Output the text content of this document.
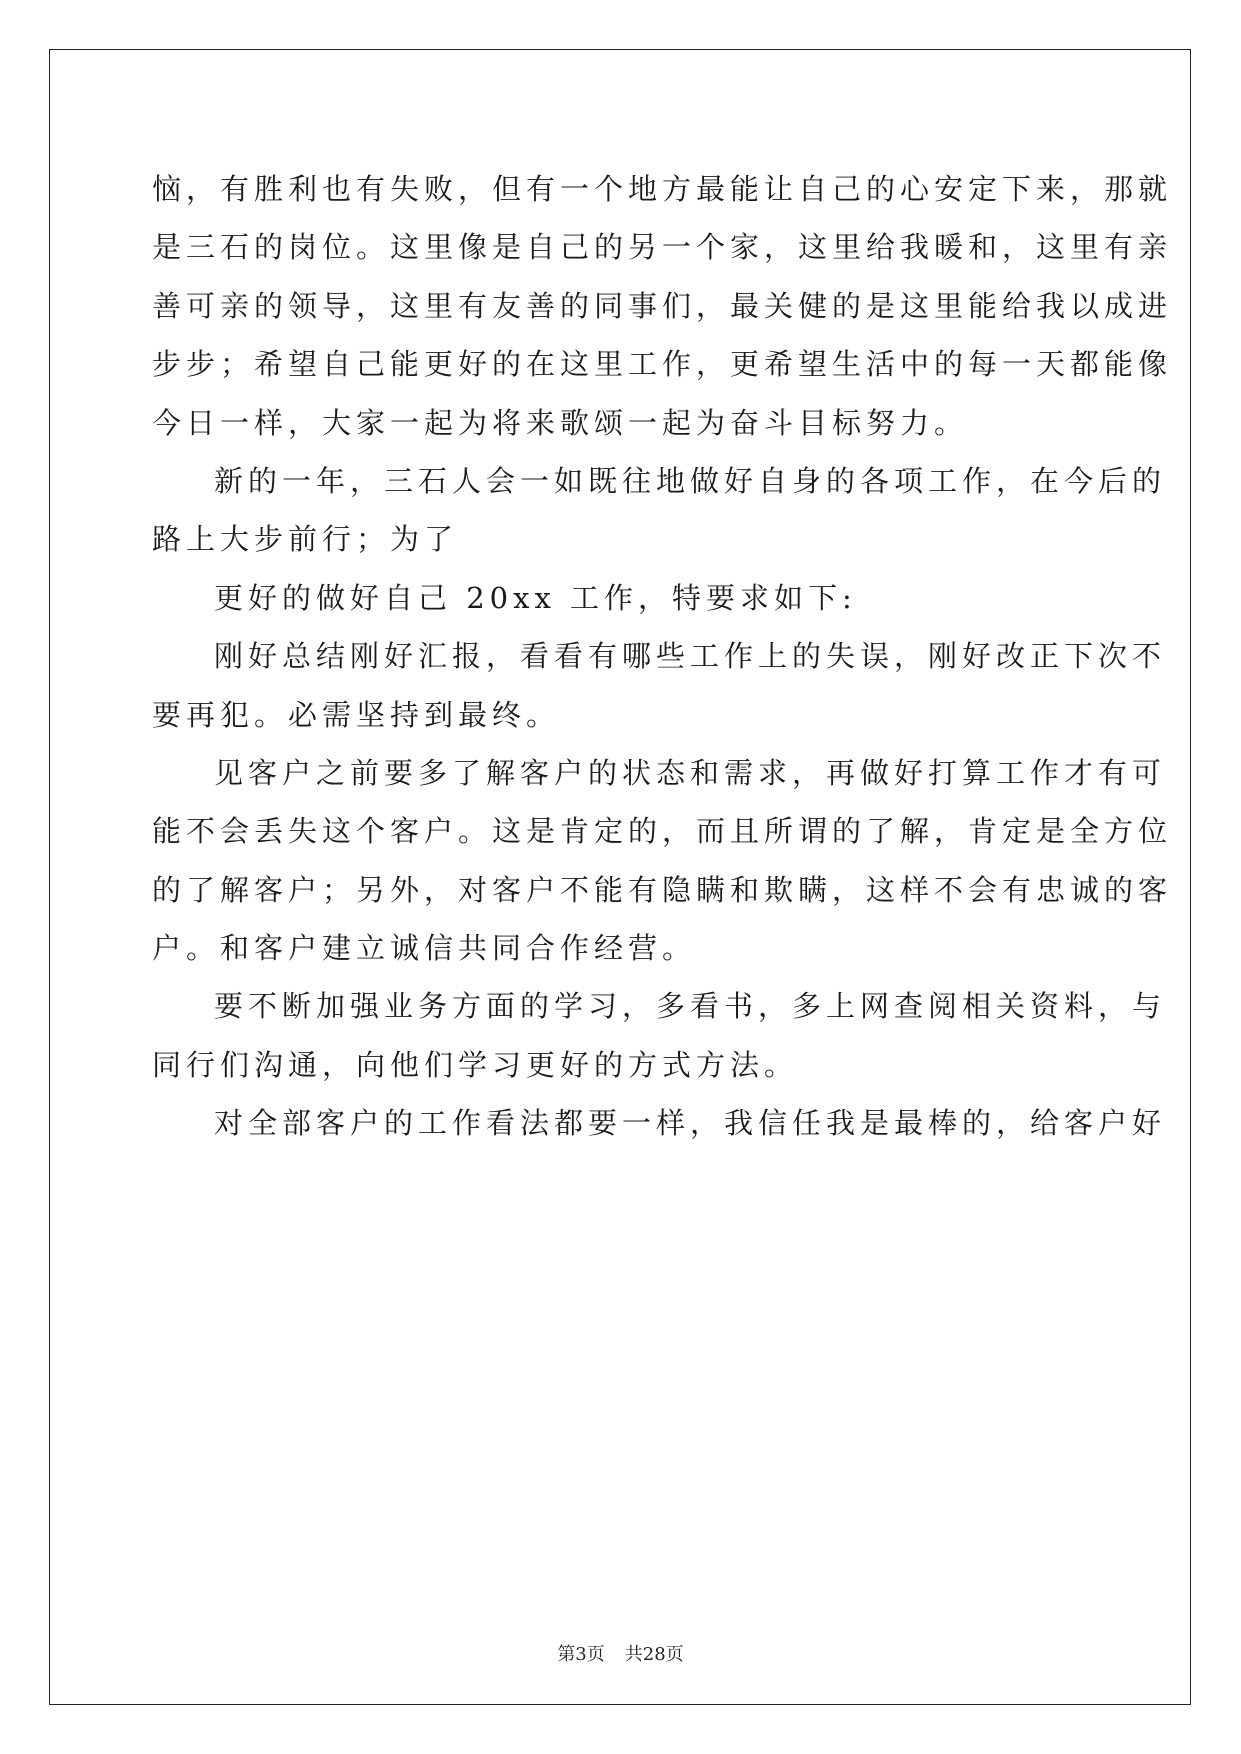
恼，有胜利也有失败，但有一个地方最能让自己的心安定下来，那就
是三石的岗位。这里像是自己的另一个家，这里给我暖和，这里有亲
善可亲的领导，这里有友善的同事们，最关健的是这里能给我以成进
步步；希望自己能更好的在这里工作，更希望生活中的每一天都能像
今日一样，大家一起为将来歌颂一起为奋斗目标努力。
新的一年，三石人会一如既往地做好自身的各项工作，在今后的
路上大步前行；为了
更好的做好自己 20xx 工作，特要求如下:
刚好总结刚好汇报，看看有哪些工作上的失误，刚好改正下次不
要再犯。必需坚持到最终。
见客户之前要多了解客户的状态和需求，再做好打算工作才有可
能不会丢失这个客户。这是肯定的，而且所谓的了解，肯定是全方位
的了解客户；另外，对客户不能有隐瞒和欺瞒，这样不会有忠诚的客
户。和客户建立诚信共同合作经营。
要不断加强业务方面的学习，多看书，多上网查阅相关资料，与
同行们沟通，向他们学习更好的方式方法。
对全部客户的工作看法都要一样，我信任我是最棒的，给客户好
第3页 共28页
